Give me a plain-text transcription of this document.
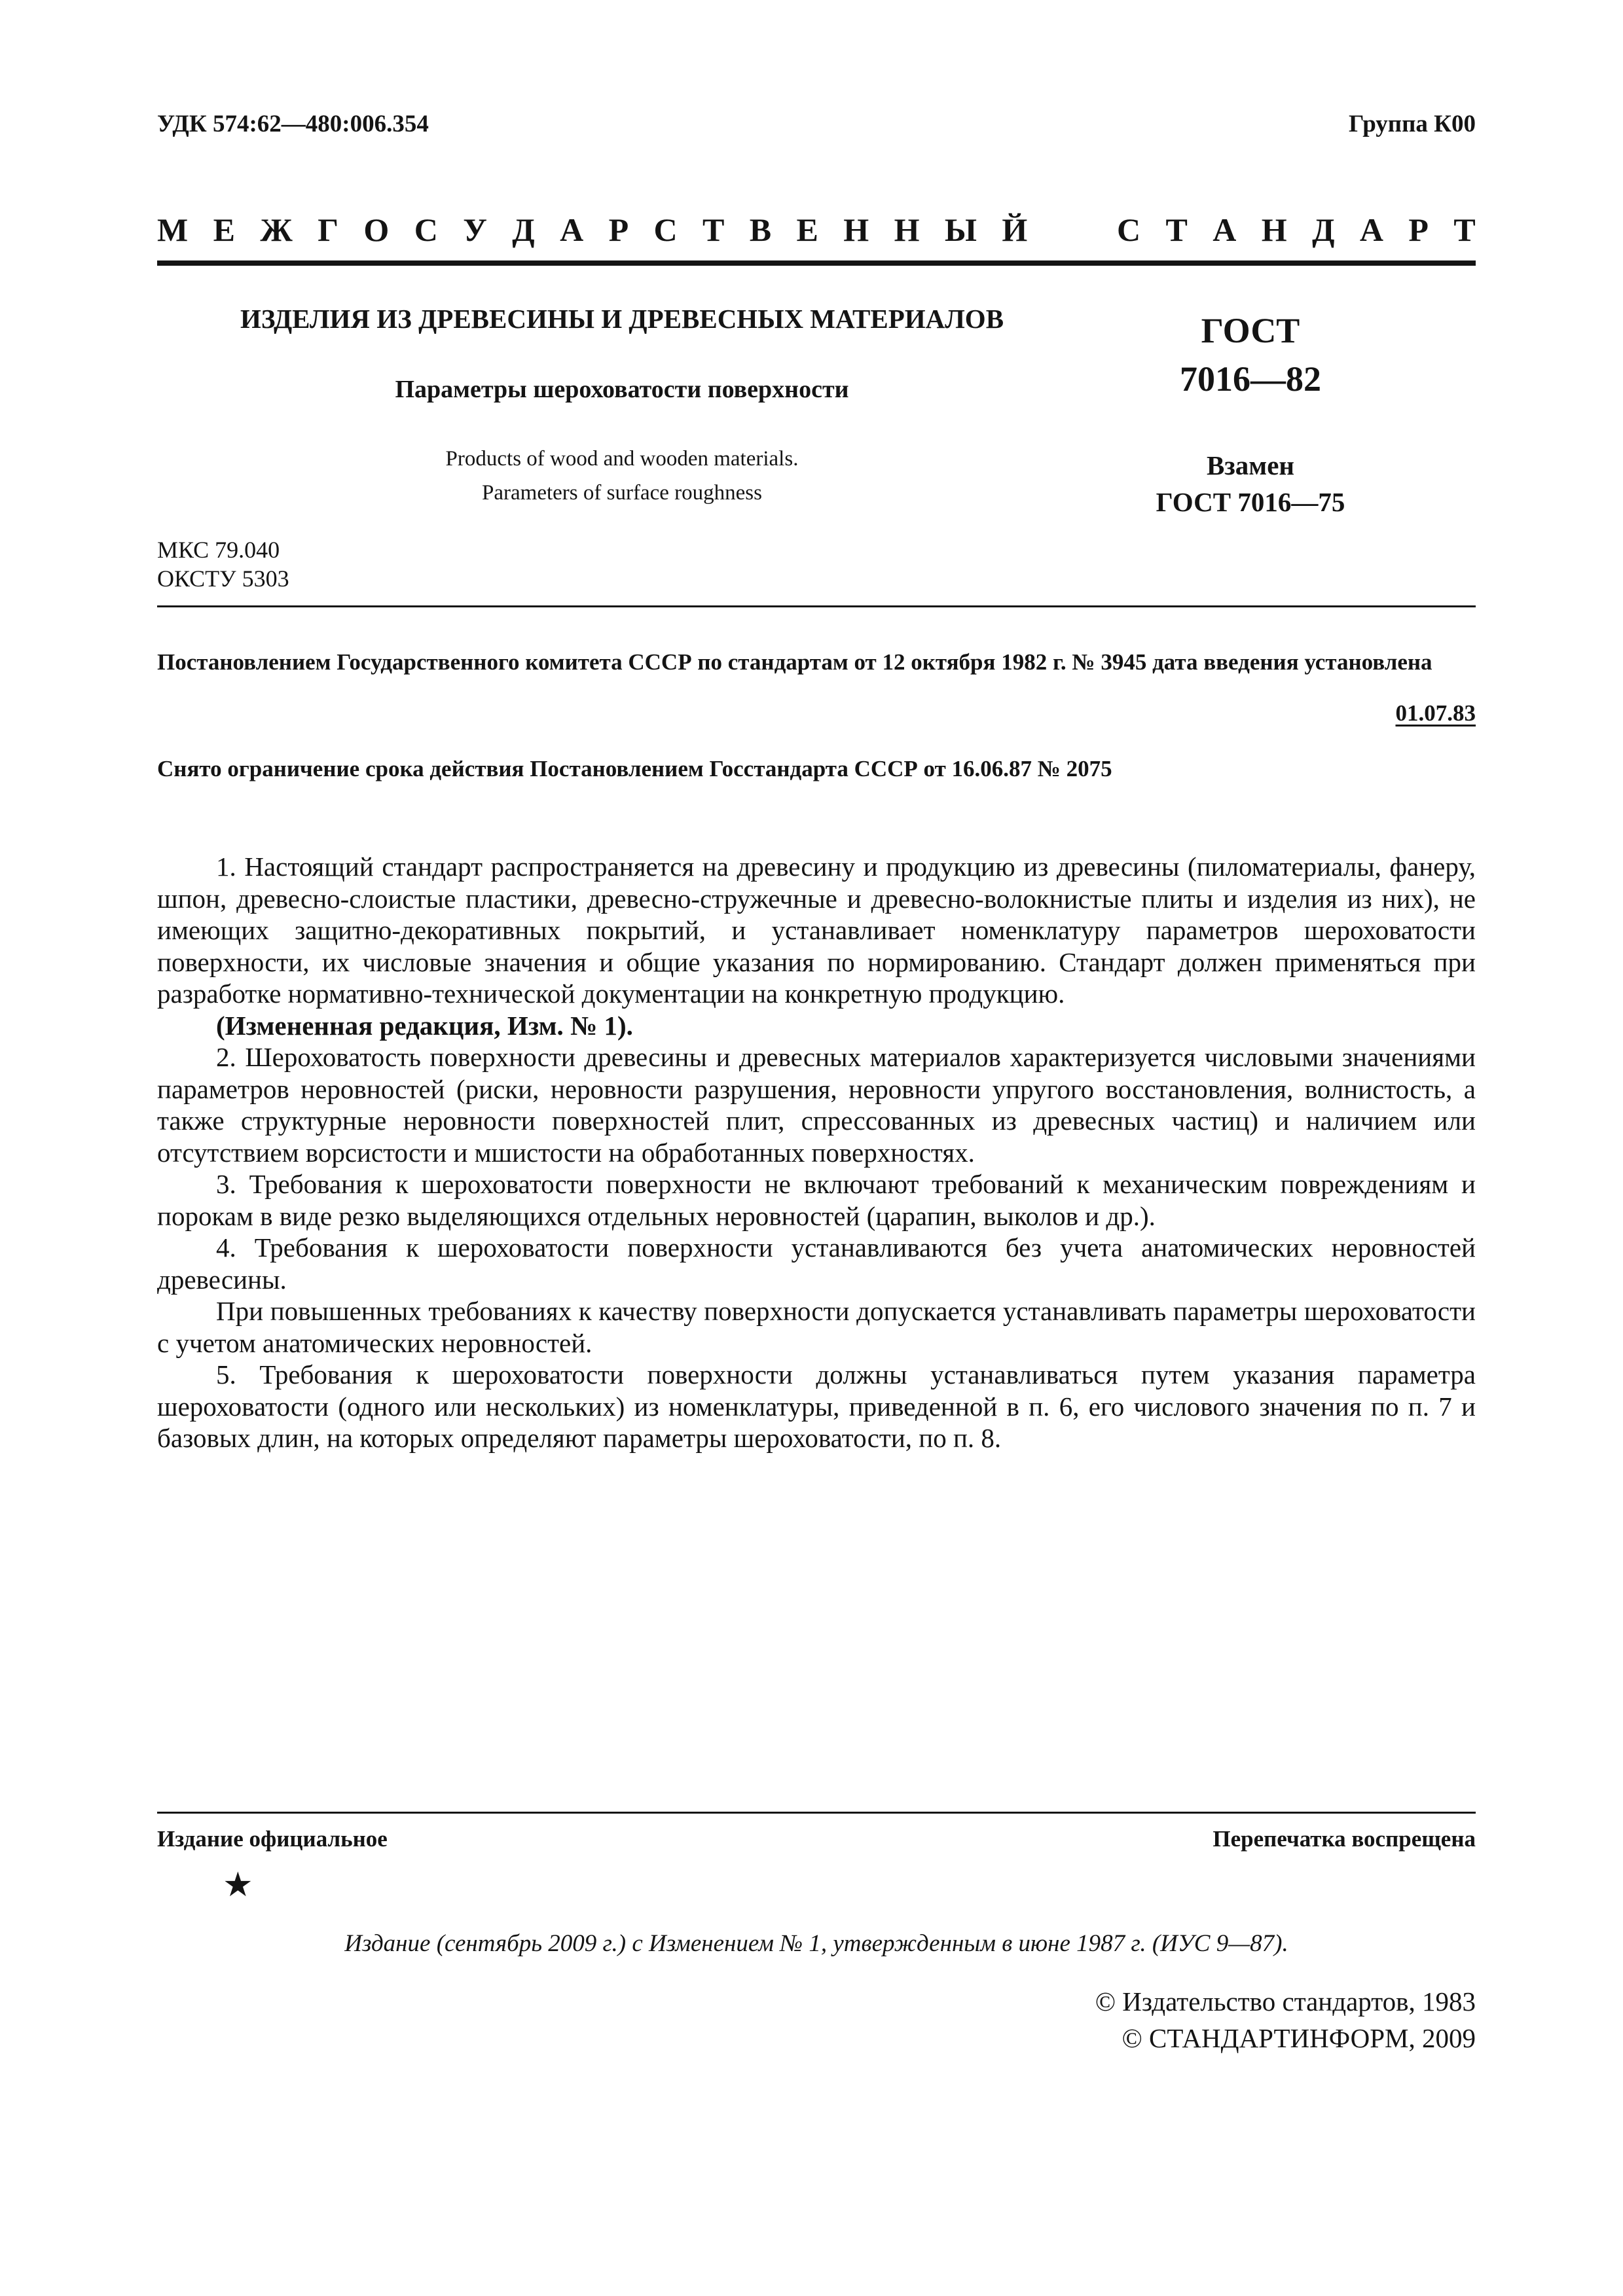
УДК 574:62—480:006.354	Группа К00
М Е Ж Г О С У Д А Р С Т В Е Н Н Ы Й	С Т А Н Д А Р Т
ИЗДЕЛИЯ ИЗ ДРЕВЕСИНЫ И ДРЕВЕСНЫХ МАТЕРИАЛОВ
Параметры шероховатости поверхности
Products of wood and wooden materials.
Parameters of surface roughness
ГОСТ
7016—82
Взамен
ГОСТ 7016—75
МКС 79.040
ОКСТУ 5303
Постановлением Государственного комитета СССР по стандартам от 12 октября 1982 г. № 3945 дата введения установлена
01.07.83
Снято ограничение срока действия Постановлением Госстандарта СССР от 16.06.87 № 2075

1. Настоящий стандарт распространяется на древесину и продукцию из древесины (пиломатериалы, фанеру, шпон, древесно-слоистые пластики, древесно-стружечные и древесно-волокнистые плиты и изделия из них), не имеющих защитно-декоративных покрытий, и устанавливает номенклатуру параметров шероховатости поверхности, их числовые значения и общие указания по нормированию. Стандарт должен применяться при разработке нормативно-технической документации на конкретную продукцию.

(Измененная редакция, Изм. № 1).

2. Шероховатость поверхности древесины и древесных материалов характеризуется числовыми значениями параметров неровностей (риски, неровности разрушения, неровности упругого восстановления, волнистость, а также структурные неровности поверхностей плит, спрессованных из древесных частиц) и наличием или отсутствием ворсистости и мшистости на обработанных поверхностях.

3. Требования к шероховатости поверхности не включают требований к механическим повреждениям и порокам в виде резко выделяющихся отдельных неровностей (царапин, выколов и др.).

4. Требования к шероховатости поверхности устанавливаются без учета анатомических неровностей древесины.

При повышенных требованиях к качеству поверхности допускается устанавливать параметры шероховатости с учетом анатомических неровностей.

5. Требования к шероховатости поверхности должны устанавливаться путем указания параметра шероховатости (одного или нескольких) из номенклатуры, приведенной в п. 6, его числового значения по п. 7 и базовых длин, на которых определяют параметры шероховатости, по п. 8.

Издание официальное	Перепечатка воспрещена
★
Издание (сентябрь 2009 г.) с Изменением № 1, утвержденным в июне 1987 г. (ИУС 9—87).
© Издательство стандартов, 1983
© СТАНДАРТИНФОРМ, 2009
